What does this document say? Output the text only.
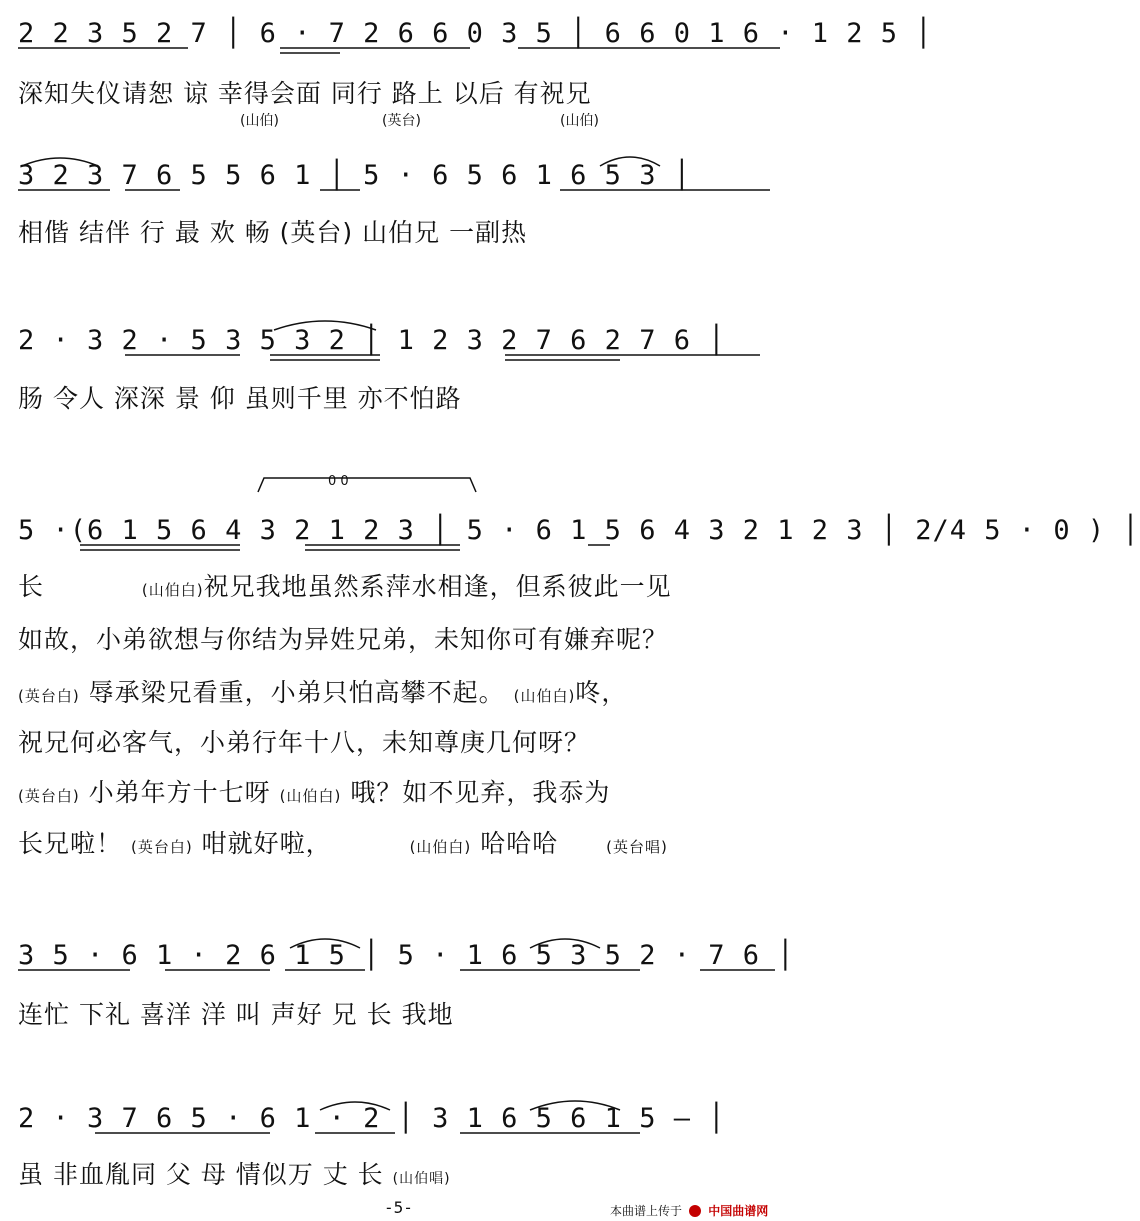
2 2 3 5 2 7 │ 6 · 7 2 6 6 0 3 5 │ 6 6 0 1 6 · 1 2 5 │
深知失仪请恕 谅 幸得会面 同行 路上 以后 有祝兄
(山伯)	(英台)	(山伯)
3 2 3 7 6 5 5 6 1 │ 5 · 6 5 6 1 6 5 3 │
相偕 结伴 行 最 欢 畅 (英台) 山伯兄 一副热
2 · 3 2 · 5 3 5 3 2 │ 1 2 3 2 7 6 2 7 6 │
肠 令人 深深 景 仰 虽则千里 亦不怕路
0 0
5 ·(6 1 5 6 4 3 2 1 2 3 │ 5 · 6 1 5 6 4 3 2 1 2 3 │ 2/4 5 · 0 ) │
长	(山伯白)祝兄我地虽然系萍水相逢，但系彼此一见
如故，小弟欲想与你结为异姓兄弟，未知你可有嫌弃呢？
(英台白) 辱承梁兄看重，小弟只怕高攀不起。 (山伯白)咚，
祝兄何必客气，小弟行年十八，未知尊庚几何呀？
(英台白) 小弟年方十七呀 (山伯白) 哦？如不见弃，我忝为
长兄啦！ (英台白) 咁就好啦，	(山伯白) 哈哈哈	(英台唱)
3 5 · 6 1 · 2 6 1 5 │ 5 · 1 6 5 3 5 2 · 7 6 │
连忙 下礼 喜洋 洋 叫 声好 兄 长 我地
2 · 3 7 6 5 · 6 1 · 2 │ 3 1 6 5 6 1 5 — │
虽 非血胤同 父 母 情似万 丈 长 (山伯唱)
-5-	本曲谱上传于 中国曲谱网
